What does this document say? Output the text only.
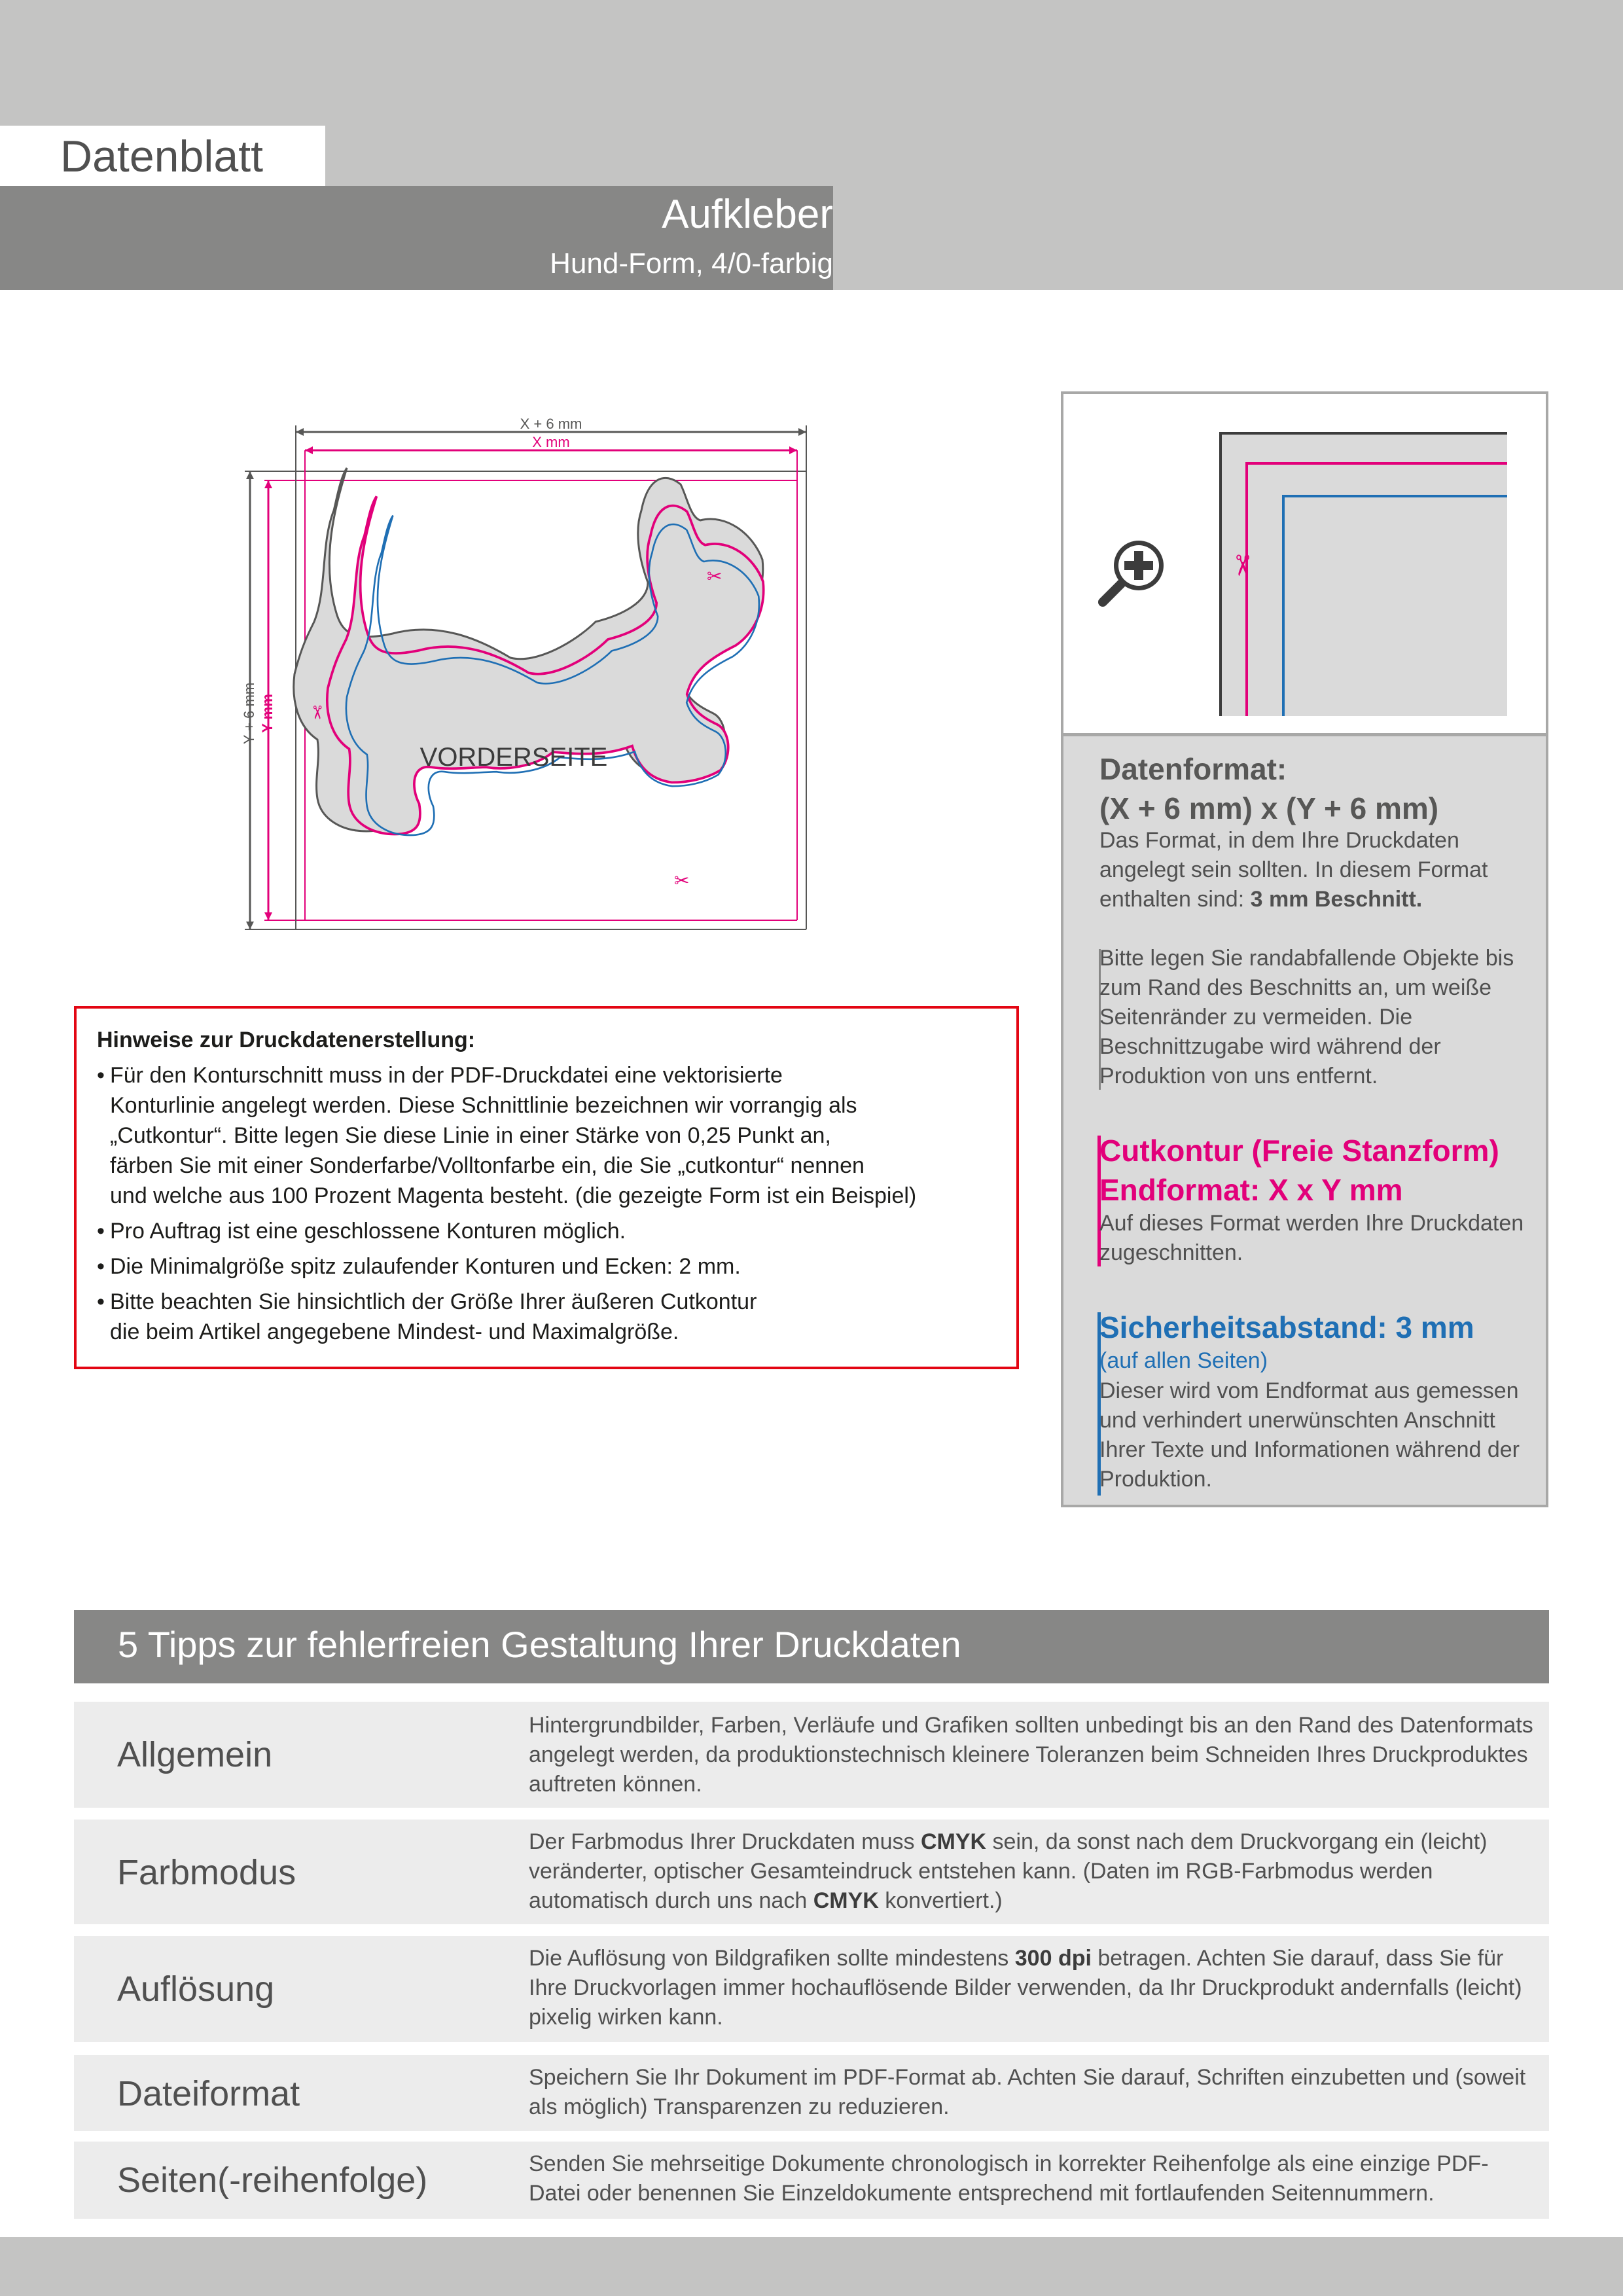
Datenblatt
Aufkleber
Hund-Form, 4/0-farbig
X + 6 mm
X mm
Y + 6 mm Y mm
VORDERSEITE
✂
✂
✂
Hinweise zur Druckdatenerstellung:
• Für den Konturschnitt muss in der PDF-Druckdatei eine vektorisierte
Konturlinie angelegt werden. Diese Schnittlinie bezeichnen wir vorrangig als
„Cutkontur“. Bitte legen Sie diese Linie in einer Stärke von 0,25 Punkt an,
färben Sie mit einer Sonderfarbe/Volltonfarbe ein, die Sie „cutkontur“ nennen
und welche aus 100 Prozent Magenta besteht. (die gezeigte Form ist ein Beispiel)
• Pro Auftrag ist eine geschlossene Konturen möglich.
• Die Minimalgröße spitz zulaufender Konturen und Ecken: 2 mm.
• Bitte beachten Sie hinsichtlich der Größe Ihrer äußeren Cutkontur
die beim Artikel angegebene Mindest- und Maximalgröße.
✂
Datenformat:
(X + 6 mm) x (Y + 6 mm)
Das Format, in dem Ihre Druckdaten angelegt sein sollten. In diesem Format enthalten sind: 3 mm Beschnitt.
Bitte legen Sie randabfallende Objekte bis zum Rand des Beschnitts an, um weiße Seitenränder zu vermeiden. Die Beschnittzugabe wird während der Produktion von uns entfernt.
Cutkontur (Freie Stanzform)
Endformat: X x Y mm
Auf dieses Format werden Ihre Druckdaten zugeschnitten.
Sicherheitsabstand: 3 mm
(auf allen Seiten)
Dieser wird vom Endformat aus gemessen und verhindert unerwünschten Anschnitt Ihrer Texte und Informationen während der Produktion.
5 Tipps zur fehlerfreien Gestaltung Ihrer Druckdaten
Allgemein
Hintergrundbilder, Farben, Verläufe und Grafiken sollten unbedingt bis an den Rand des Datenformats angelegt werden, da produktionstechnisch kleinere Toleranzen beim Schneiden Ihres Druckproduktes auftreten können.
Farbmodus
Der Farbmodus Ihrer Druckdaten muss CMYK sein, da sonst nach dem Druckvorgang ein (leicht) veränderter, optischer Gesamteindruck entstehen kann. (Daten im RGB-Farbmodus werden automatisch durch uns nach CMYK konvertiert.)
Auflösung
Die Auflösung von Bildgrafiken sollte mindestens 300 dpi betragen. Achten Sie darauf, dass Sie für Ihre Druckvorlagen immer hochauflösende Bilder verwenden, da Ihr Druckprodukt andernfalls (leicht) pixelig wirken kann.
Dateiformat	Speichern Sie Ihr Dokument im PDF-Format ab. Achten Sie darauf, Schriften einzubetten und (soweit als möglich) Transparenzen zu reduzieren.
Seiten(-reihenfolge)	Senden Sie mehrseitige Dokumente chronologisch in korrekter Reihenfolge als eine einzige PDF-Datei oder benennen Sie Einzeldokumente entsprechend mit fortlaufenden Seitennummern.
